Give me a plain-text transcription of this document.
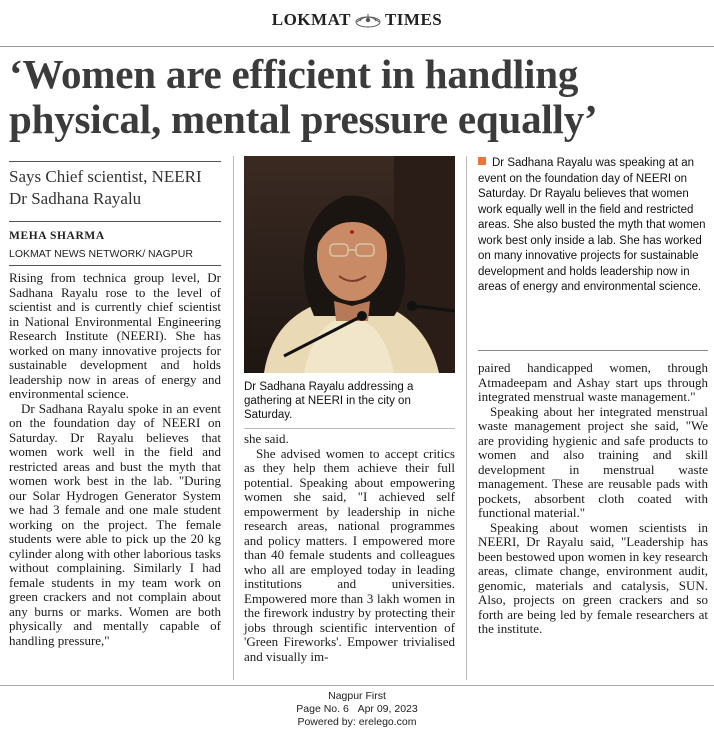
LOKMAT TIMES
‘Women are efficient in handling physical, mental pressure equally’
Says Chief scientist, NEERI Dr Sadhana Rayalu
MEHA SHARMA
LOKMAT NEWS NETWORK/ NAGPUR

Rising from technica group level, Dr Sadhana Rayalu rose to the level of scientist and is currently chief scientist in National Environmental Engineering Research Institute (NEERI). She has worked on many innovative projects for sustainable development and holds leadership now in areas of energy and environmental science.

Dr Sadhana Rayalu spoke in an event on the foundation day of NEERI on Saturday. Dr Rayalu believes that women work well in the field and restricted areas and bust the myth that women work best in the lab. "During our Solar Hydrogen Generator System we had 3 female and one male student working on the project. The female students were able to pick up the 20 kg cylinder along with other laborious tasks without complaining. Similarly I had female students in my team work on green crackers and not complain about any burns or marks. Women are both physically and mentally capable of handling pressure,"

Dr Sadhana Rayalu addressing a gathering at NEERI in the city on Saturday.

she said.

She advised women to accept critics as they help them achieve their full potential. Speaking about empowering women she said, "I achieved self empowerment by leadership in niche research areas, national programmes and policy matters. I empowered more than 40 female students and colleagues who all are employed today in leading institutions and universities. Empowered more than 3 lakh women in the firework industry by protecting their jobs through scientific intervention of 'Green Fireworks'. Empower trivialised and visually im-

Dr Sadhana Rayalu was speaking at an event on the foundation day of NEERI on Saturday. Dr Rayalu believes that women work equally well in the field and restricted areas. She also busted the myth that women work best only inside a lab. She has worked on many innovative projects for sustainable development and holds leadership now in areas of energy and environmental science.

paired handicapped women, through Atmadeepam and Ashay start ups through integrated menstrual waste management."

Speaking about her integrated menstrual waste management project she said, "We are providing hygienic and safe products to women and also training and skill development in menstrual waste management. These are reusable pads with pockets, absorbent cloth coated with functional material."

Speaking about women scientists in NEERI, Dr Rayalu said, "Leadership has been bestowed upon women in key research areas, climate change, environment audit, genomic, materials and catalysis, SUN. Also, projects on green crackers and so forth are being led by female researchers at the institute.

Nagpur First
Page No. 6 Apr 09, 2023
Powered by: erelego.com
